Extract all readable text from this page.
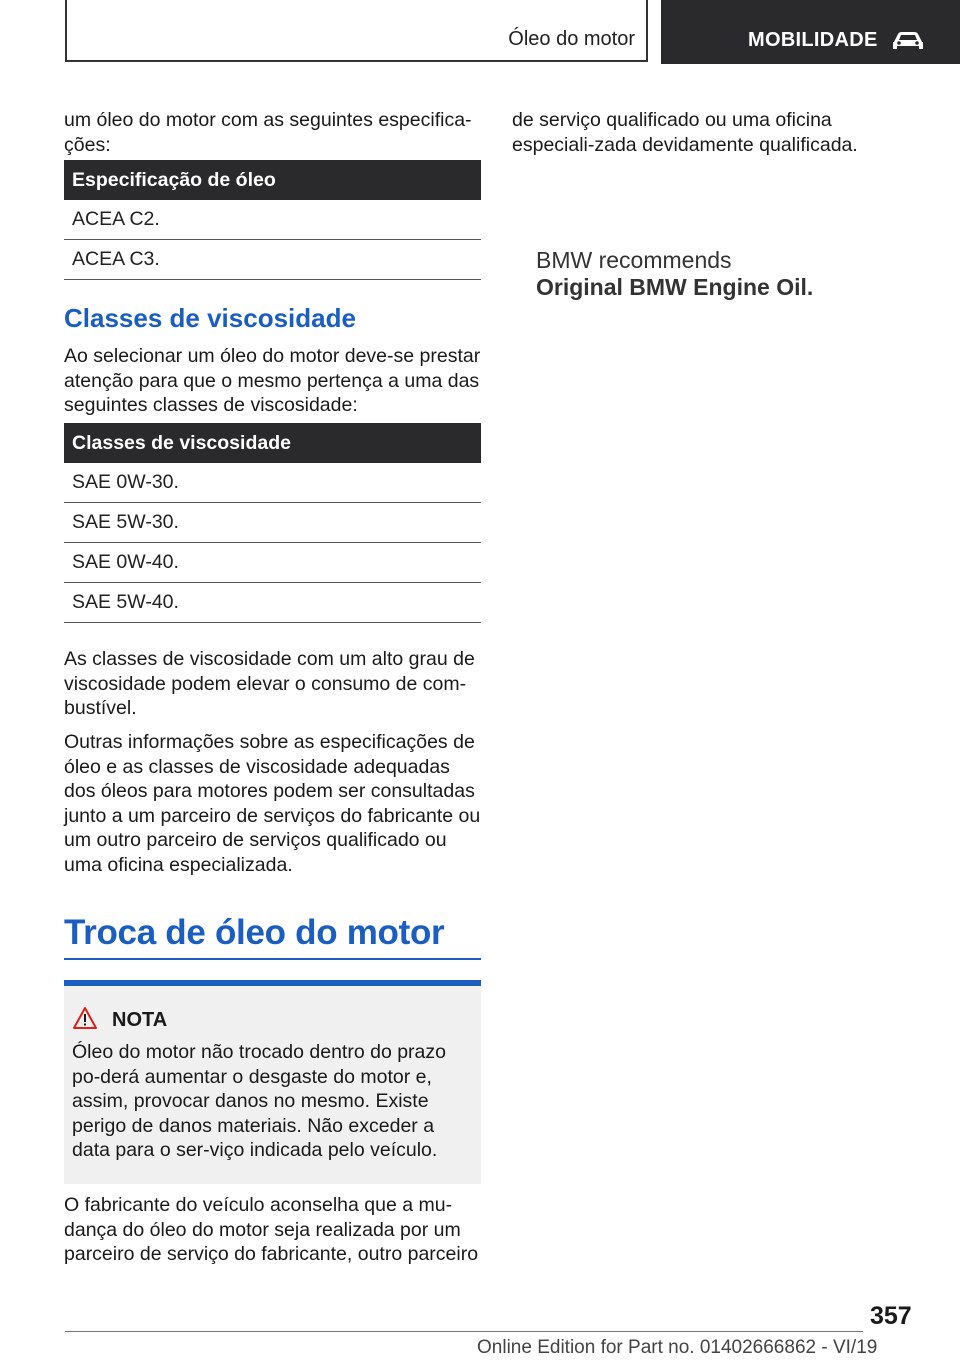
Óleo do motor	MOBILIDADE

um óleo do motor com as seguintes especifica‐ções:

Especificação de óleo
ACEA C2.
ACEA C3.
Classes de viscosidade

Ao selecionar um óleo do motor deve-se prestar atenção para que o mesmo pertença a uma das seguintes classes de viscosidade:

Classes de viscosidade
SAE 0W-30.
SAE 5W-30.
SAE 0W-40.
SAE 5W-40.

As classes de viscosidade com um alto grau de viscosidade podem elevar o consumo de com‐bustível.

Outras informações sobre as especificações de óleo e as classes de viscosidade adequadas dos óleos para motores podem ser consultadas junto a um parceiro de serviços do fabricante ou um outro parceiro de serviços qualificado ou uma oficina especializada.

Troca de óleo do motor
NOTA

Óleo do motor não trocado dentro do prazo po‐derá aumentar o desgaste do motor e, assim, provocar danos no mesmo. Existe perigo de danos materiais. Não exceder a data para o ser‐viço indicada pelo veículo.

O fabricante do veículo aconselha que a mu‐dança do óleo do motor seja realizada por um parceiro de serviço do fabricante, outro parceiro

de serviço qualificado ou uma oficina especiali‐zada devidamente qualificada.

BMW recommends
Original BMW Engine Oil.
357
Online Edition for Part no. 01402666862 - VI/19
